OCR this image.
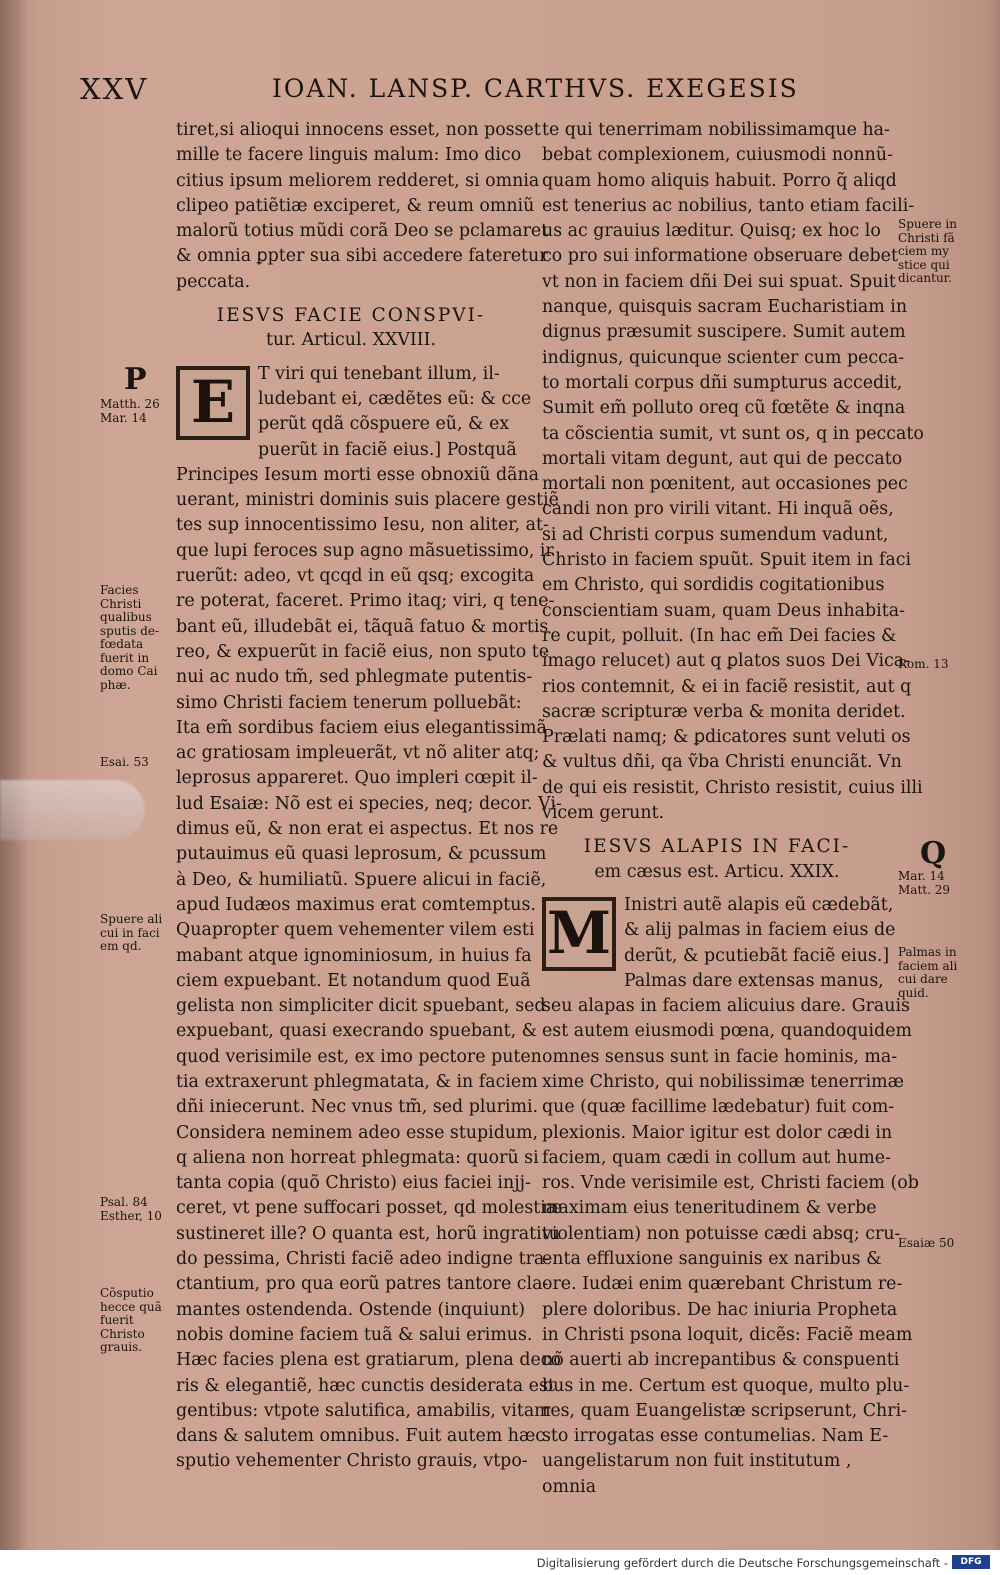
XXV	IOAN. LANSP. CARTHVS. EXEGESIS
tiret,si alioqui innocens esset, non posset
mille te facere linguis malum: Imo dico
citius ipsum meliorem redderet, si omnia
clipeo patiẽtiæ exciperet, & reum omniũ
malorũ totius mũdi corã Deo se pclamaret
& omnia ꝑpter sua sibi accedere fateretur
peccata.
IESVS FACIE CONSPVI-
tur. Articul. XXVIII.
E	T viri qui tenebant illum, il-
ludebant ei, cædẽtes eũ: & cce
perũt qdã cõspuere eũ, & ex
puerũt in faciẽ eius.] Postquã
Principes Iesum morti esse obnoxiũ dãna
uerant, ministri dominis suis placere gestiẽ
tes sup innocentissimo Iesu, non aliter, at-
que lupi feroces sup agno mãsuetissimo, ir
ruerũt: adeo, vt qcqd in eũ qsq; excogita
re poterat, faceret. Primo itaq; viri, q tene-
bant eũ, illudebãt ei, tãquã fatuo & mortis
reo, & expuerũt in faciẽ eius, non sputo te
nui ac nudo tm̃, sed phlegmate putentis-
simo Christi faciem tenerum polluebãt:
Ita em̃ sordibus faciem eius elegantissimã
ac gratiosam impleuerãt, vt nõ aliter atq;
leprosus appareret. Quo impleri cœpit il-
lud Esaiæ: Nõ est ei species, neq; decor. Vi-
dimus eũ, & non erat ei aspectus. Et nos re
putauimus eũ quasi leprosum, & pcussum
à Deo, & humiliatũ. Spuere alicui in faciẽ,
apud Iudæos maximus erat comtemptus.
Quapropter quem vehementer vilem esti
mabant atque ignominiosum, in huius fa
ciem expuebant. Et notandum quod Euã
gelista non simpliciter dicit spuebant, sed
expuebant, quasi execrando spuebant, &
quod verisimile est, ex imo pectore puten
tia extraxerunt phlegmatata, & in faciem
dñi iniecerunt. Nec vnus tm̃, sed plurimi.
Considera neminem adeo esse stupidum,
q aliena non horreat phlegmata: quorũ si
tanta copia (quõ Christo) eius faciei injj-
ceret, vt pene suffocari posset, qd molestiæ
sustineret ille? O quanta est, horũ ingratitu
do pessima, Christi faciẽ adeo indigne tra-
ctantium, pro qua eorũ patres tantore cla-
mantes ostendenda. Ostende (inquiunt)
nobis domine faciem tuã & salui erimus.
Hæc facies plena est gratiarum, plena deco
ris & elegantiẽ, hæc cunctis desiderata est
gentibus: vtpote salutifica, amabilis, vitam
dans & salutem omnibus. Fuit autem hæc
sputio vehementer Christo grauis, vtpo-
te qui tenerrimam nobilissimamque ha-
bebat complexionem, cuiusmodi nonnũ-
quam homo aliquis habuit. Porro q̃ aliqd
est tenerius ac nobilius, tanto etiam facili-
us ac grauius læditur. Quisq; ex hoc lo
co pro sui informatione obseruare debet
vt non in faciem dñi Dei sui spuat. Spuit
nanque, quisquis sacram Eucharistiam in
dignus præsumit suscipere. Sumit autem
indignus, quicunque scienter cum pecca-
to mortali corpus dñi sumpturus accedit,
Sumit em̃ polluto oreq cũ fœtẽte & inqna
ta cõscientia sumit, vt sunt os, q in peccato
mortali vitam degunt, aut qui de peccato
mortali non pœnitent, aut occasiones pec
candi non pro virili vitant. Hi inquã oẽs,
si ad Christi corpus sumendum vadunt,
Christo in faciem spuũt. Spuit item in faci
em Christo, qui sordidis cogitationibus
conscientiam suam, quam Deus inhabita-
re cupit, polluit. (In hac em̃ Dei facies &
imago relucet) aut q ꝑlatos suos Dei Vica-
rios contemnit, & ei in faciẽ resistit, aut q
sacræ scripturæ verba & monita deridet.
Prælati namq; & ꝑdicatores sunt veluti os
& vultus dñi, qa ṽba Christi enunciãt. Vn
de qui eis resistit, Christo resistit, cuius illi
vicem gerunt.
IESVS ALAPIS IN FACI-
em cæsus est. Articu. XXIX.
M Inistri autẽ alapis eũ cædebãt,
& alij palmas in faciem eius de
derũt, & pcutiebãt faciẽ eius.]
Palmas dare extensas manus,
seu alapas in faciem alicuius dare. Grauis
est autem eiusmodi pœna, quandoquidem
omnes sensus sunt in facie hominis, ma-
xime Christo, qui nobilissimæ tenerrimæ
que (quæ facillime lædebatur) fuit com-
plexionis. Maior igitur est dolor cædi in
faciem, quam cædi in collum aut hume-
ros. Vnde verisimile est, Christi faciem (ob
maximam eius teneritudinem & verbe
violentiam) non potuisse cædi absq; cru-
enta effluxione sanguinis ex naribus &
ore. Iudæi enim quærebant Christum re-
plere doloribus. De hac iniuria Propheta
in Christi psona loquit, dicẽs: Faciẽ meam
nõ auerti ab increpantibus & conspuenti
bus in me. Certum est quoque, multo plu-
res, quam Euangelistæ scripserunt, Chri-
sto irrogatas esse contumelias. Nam E-
uangelistarum non fuit institutum ,
omnia
P
Matth. 26
Mar. 14
Facies
Christi
qualibus
sputis de-
fœdata
fuerit in
domo Cai
phæ.
Esai. 53
Spuere ali
cui in faci
em qd.
Psal. 84
Esther, 10
Cõsputio
hecce quã
fuerit
Christo
grauis.
Spuere in
Christi fã
ciem my
stice qui
dicantur.
Rom. 13
Q
Mar. 14
Matt. 29
Palmas in
faciem ali
cui dare
quid.
Esaiæ 50
Digitalisierung gefördert durch die Deutsche Forschungsgemeinschaft -	DFG
